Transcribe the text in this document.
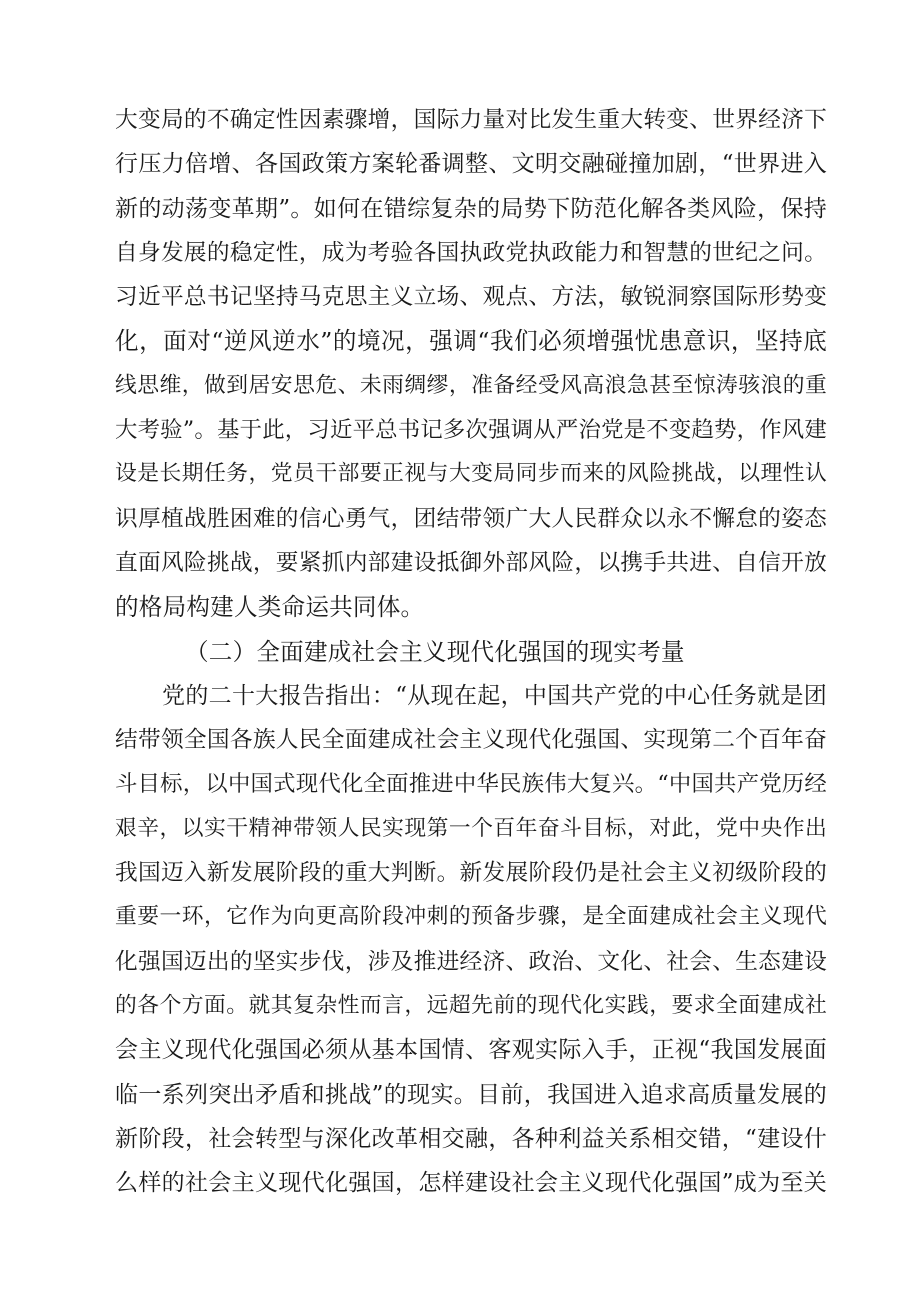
大变局的不确定性因素骤增，国际力量对比发生重大转变、世界经济下
行压力倍增、各国政策方案轮番调整、文明交融碰撞加剧，“世界进入
新的动荡变革期”。如何在错综复杂的局势下防范化解各类风险，保持
自身发展的稳定性，成为考验各国执政党执政能力和智慧的世纪之问。
习近平总书记坚持马克思主义立场、观点、方法，敏锐洞察国际形势变
化，面对“逆风逆水”的境况，强调“我们必须增强忧患意识，坚持底
线思维，做到居安思危、未雨绸缪，准备经受风高浪急甚至惊涛骇浪的重
大考验”。基于此，习近平总书记多次强调从严治党是不变趋势，作风建
设是长期任务，党员干部要正视与大变局同步而来的风险挑战，以理性认
识厚植战胜困难的信心勇气，团结带领广大人民群众以永不懈怠的姿态
直面风险挑战，要紧抓内部建设抵御外部风险，以携手共进、自信开放
的格局构建人类命运共同体。
（二）全面建成社会主义现代化强国的现实考量
党的二十大报告指出：“从现在起，中国共产党的中心任务就是团
结带领全国各族人民全面建成社会主义现代化强国、实现第二个百年奋
斗目标，以中国式现代化全面推进中华民族伟大复兴。“中国共产党历经
艰辛，以实干精神带领人民实现第一个百年奋斗目标，对此，党中央作出
我国迈入新发展阶段的重大判断。新发展阶段仍是社会主义初级阶段的
重要一环，它作为向更高阶段冲刺的预备步骤，是全面建成社会主义现代
化强国迈出的坚实步伐，涉及推进经济、政治、文化、社会、生态建设
的各个方面。就其复杂性而言，远超先前的现代化实践，要求全面建成社
会主义现代化强国必须从基本国情、客观实际入手，正视“我国发展面
临一系列突出矛盾和挑战”的现实。目前，我国进入追求高质量发展的
新阶段，社会转型与深化改革相交融，各种利益关系相交错，“建设什
么样的社会主义现代化强国，怎样建设社会主义现代化强国”成为至关
